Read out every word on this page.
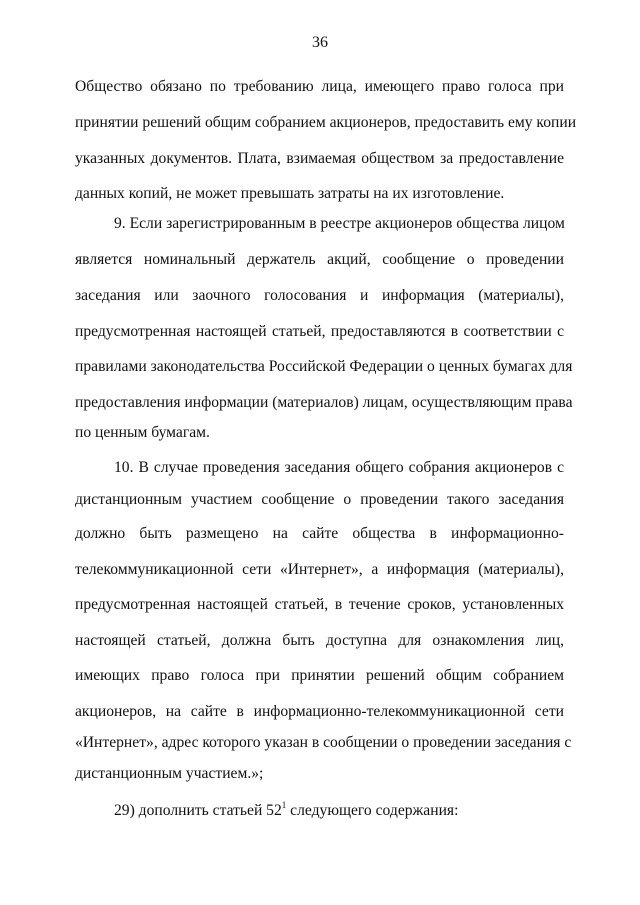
36
Общество обязано по требованию лица, имеющего право голоса при
принятии решений общим собранием акционеров, предоставить ему копии
указанных документов. Плата, взимаемая обществом за предоставление
данных копий, не может превышать затраты на их изготовление.
9. Если зарегистрированным в реестре акционеров общества лицом
является номинальный держатель акций, сообщение о проведении
заседания или заочного голосования и информация (материалы),
предусмотренная настоящей статьей, предоставляются в соответствии с
правилами законодательства Российской Федерации о ценных бумагах для
предоставления информации (материалов) лицам, осуществляющим права
по ценным бумагам.
10. В случае проведения заседания общего собрания акционеров с
дистанционным участием сообщение о проведении такого заседания
должно быть размещено на сайте общества в информационно-
телекоммуникационной сети «Интернет», а информация (материалы),
предусмотренная настоящей статьей, в течение сроков, установленных
настоящей статьей, должна быть доступна для ознакомления лиц,
имеющих право голоса при принятии решений общим собранием
акционеров, на сайте в информационно-телекоммуникационной сети
«Интернет», адрес которого указан в сообщении о проведении заседания с
дистанционным участием.»;
29) дополнить статьей $52^1$ следующего содержания:
